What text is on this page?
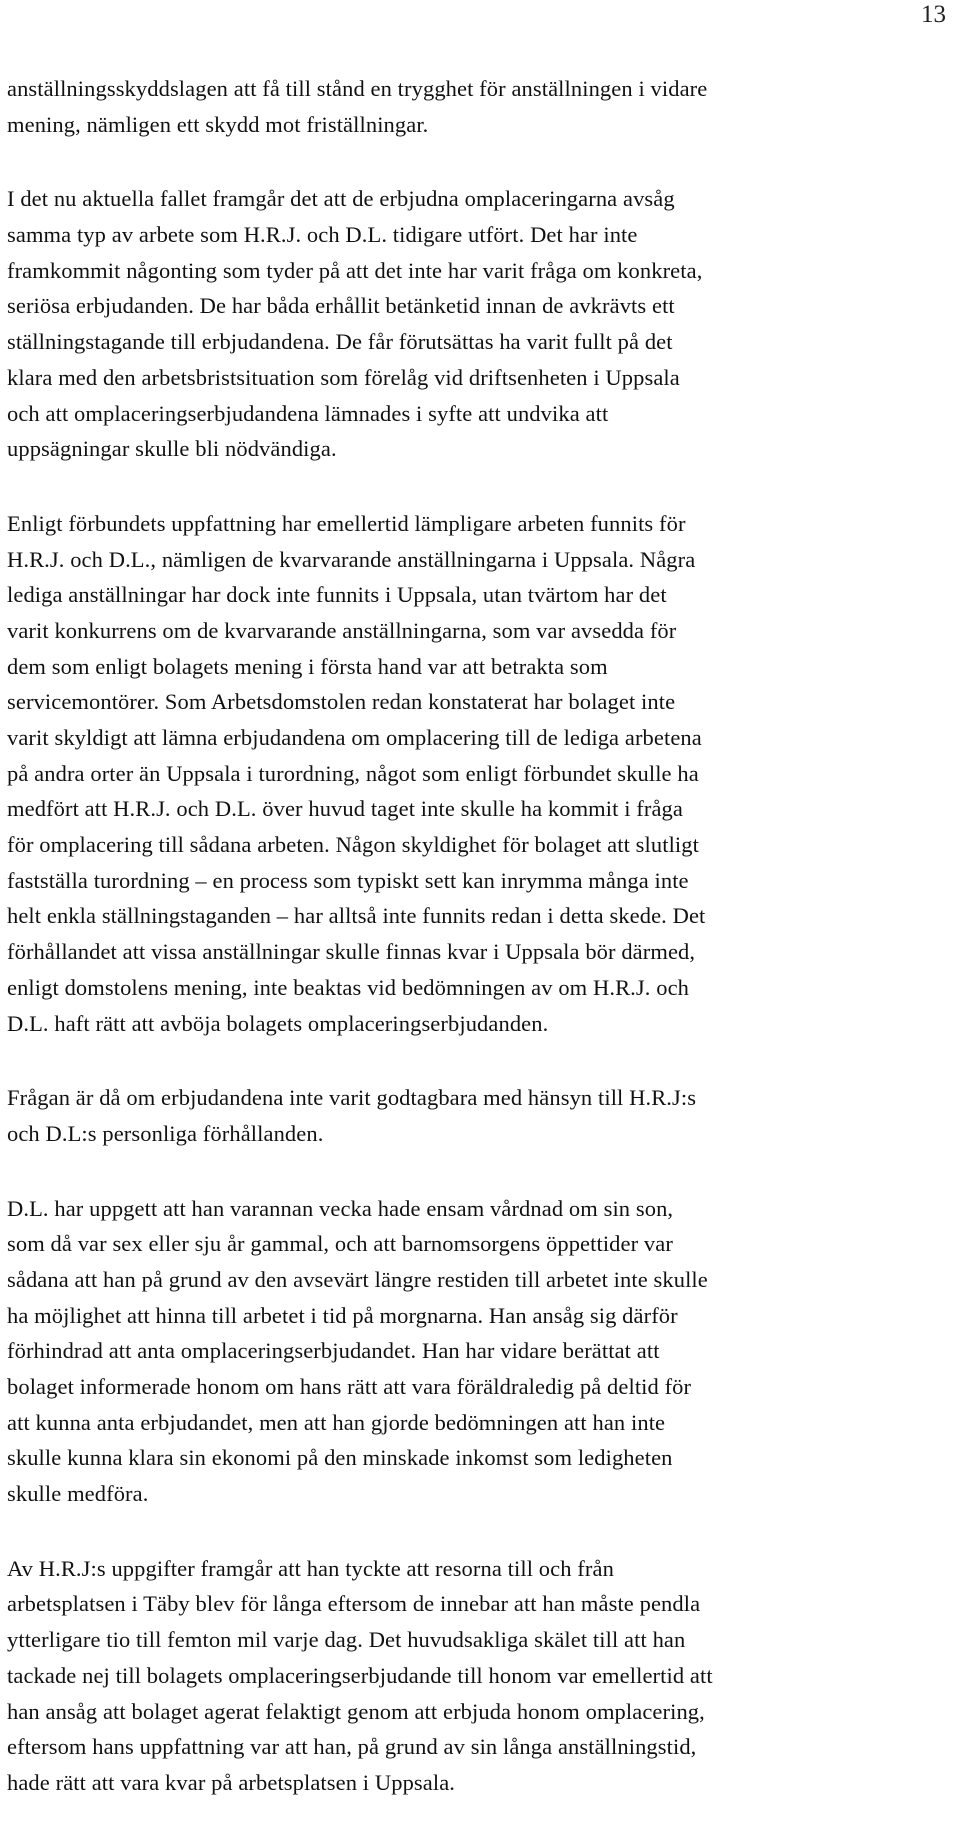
13
anställningsskyddslagen att få till stånd en trygghet för anställningen i vidare
mening, nämligen ett skydd mot friställningar.
I det nu aktuella fallet framgår det att de erbjudna omplaceringarna avsåg
samma typ av arbete som H.R.J. och D.L. tidigare utfört. Det har inte
framkommit någonting som tyder på att det inte har varit fråga om konkreta,
seriösa erbjudanden. De har båda erhållit betänketid innan de avkrävts ett
ställningstagande till erbjudandena. De får förutsättas ha varit fullt på det
klara med den arbetsbristsituation som förelåg vid driftsenheten i Uppsala
och att omplaceringserbjudandena lämnades i syfte att undvika att
uppsägningar skulle bli nödvändiga.
Enligt förbundets uppfattning har emellertid lämpligare arbeten funnits för
H.R.J. och D.L., nämligen de kvarvarande anställningarna i Uppsala. Några
lediga anställningar har dock inte funnits i Uppsala, utan tvärtom har det
varit konkurrens om de kvarvarande anställningarna, som var avsedda för
dem som enligt bolagets mening i första hand var att betrakta som
servicemontörer. Som Arbetsdomstolen redan konstaterat har bolaget inte
varit skyldigt att lämna erbjudandena om omplacering till de lediga arbetena
på andra orter än Uppsala i turordning, något som enligt förbundet skulle ha
medfört att H.R.J. och D.L. över huvud taget inte skulle ha kommit i fråga
för omplacering till sådana arbeten. Någon skyldighet för bolaget att slutligt
fastställa turordning – en process som typiskt sett kan inrymma många inte
helt enkla ställningstaganden – har alltså inte funnits redan i detta skede. Det
förhållandet att vissa anställningar skulle finnas kvar i Uppsala bör därmed,
enligt domstolens mening, inte beaktas vid bedömningen av om H.R.J. och
D.L. haft rätt att avböja bolagets omplaceringserbjudanden.
Frågan är då om erbjudandena inte varit godtagbara med hänsyn till H.R.J:s
och D.L:s personliga förhållanden.
D.L. har uppgett att han varannan vecka hade ensam vårdnad om sin son,
som då var sex eller sju år gammal, och att barnomsorgens öppettider var
sådana att han på grund av den avsevärt längre restiden till arbetet inte skulle
ha möjlighet att hinna till arbetet i tid på morgnarna. Han ansåg sig därför
förhindrad att anta omplaceringserbjudandet. Han har vidare berättat att
bolaget informerade honom om hans rätt att vara föräldraledig på deltid för
att kunna anta erbjudandet, men att han gjorde bedömningen att han inte
skulle kunna klara sin ekonomi på den minskade inkomst som ledigheten
skulle medföra.
Av H.R.J:s uppgifter framgår att han tyckte att resorna till och från
arbetsplatsen i Täby blev för långa eftersom de innebar att han måste pendla
ytterligare tio till femton mil varje dag. Det huvudsakliga skälet till att han
tackade nej till bolagets omplaceringserbjudande till honom var emellertid att
han ansåg att bolaget agerat felaktigt genom att erbjuda honom omplacering,
eftersom hans uppfattning var att han, på grund av sin långa anställningstid,
hade rätt att vara kvar på arbetsplatsen i Uppsala.
